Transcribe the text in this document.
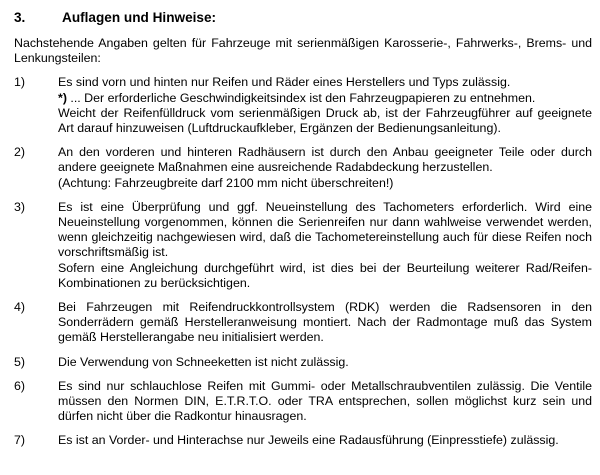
3.	Auflagen und Hinweise:

Nachstehende Angaben gelten für Fahrzeuge mit serienmäßigen Karosserie-, Fahrwerks-, Brems- und Lenkungsteilen:

1)	Es sind vorn und hinten nur Reifen und Räder eines Herstellers und Typs zulässig.

*) ... Der erforderliche Geschwindigkeitsindex ist den Fahrzeugpapieren zu entnehmen.

Weicht der Reifenfülldruck vom serienmäßigen Druck ab, ist der Fahrzeugführer auf geeignete Art darauf hinzuweisen (Luftdruckaufkleber, Ergänzen der Bedienungsanleitung).

2)	An den vorderen und hinteren Radhäusern ist durch den Anbau geeigneter Teile oder durch andere geeignete Maßnahmen eine ausreichende Radabdeckung herzustellen.

(Achtung: Fahrzeugbreite darf 2100 mm nicht überschreiten!)

3)	Es ist eine Überprüfung und ggf. Neueinstellung des Tachometers erforderlich. Wird eine Neueinstellung vorgenommen, können die Serienreifen nur dann wahlweise verwendet werden, wenn gleichzeitig nachgewiesen wird, daß die Tachometereinstellung auch für diese Reifen noch vorschriftsmäßig ist.

Sofern eine Angleichung durchgeführt wird, ist dies bei der Beurteilung weiterer Rad/Reifen-Kombinationen zu berücksichtigen.

4)	Bei Fahrzeugen mit Reifendruckkontrollsystem (RDK) werden die Radsensoren in den Sonderrädern gemäß Herstelleranweisung montiert. Nach der Radmontage muß das System gemäß Herstellerangabe neu initialisiert werden.

5)	Die Verwendung von Schneeketten ist nicht zulässig.

6)	Es sind nur schlauchlose Reifen mit Gummi- oder Metallschraubventilen zulässig. Die Ventile müssen den Normen DIN, E.T.R.T.O. oder TRA entsprechen, sollen möglichst kurz sein und dürfen nicht über die Radkontur hinausragen.

7)	Es ist an Vorder- und Hinterachse nur Jeweils eine Radausführung (Einpresstiefe) zulässig.
